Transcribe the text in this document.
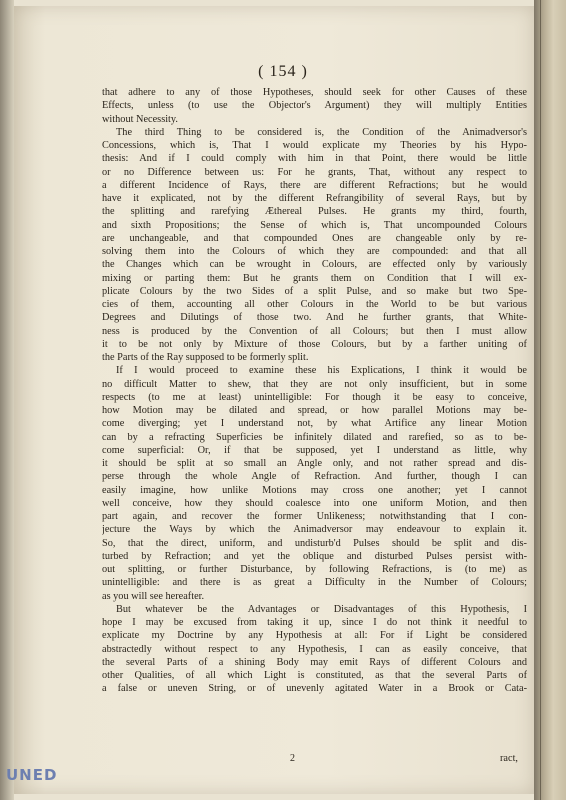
( 154 )
that adhere to any of those Hypotheses, should seek for other Causes of these
Effects, unless (to use the Objector's Argument) they will multiply Entities
without Necessity.
The third Thing to be considered is, the Condition of the Animadversor's
Concessions, which is, That I would explicate my Theories by his Hypo-
thesis: And if I could comply with him in that Point, there would be little
or no Difference between us: For he grants, That, without any respect to
a different Incidence of Rays, there are different Refractions; but he would
have it explicated, not by the different Refrangibility of several Rays, but by
the splitting and rarefying Æthereal Pulses. He grants my third, fourth,
and sixth Propositions; the Sense of which is, That uncompounded Colours
are unchangeable, and that compounded Ones are changeable only by re-
solving them into the Colours of which they are compounded: and that all
the Changes which can be wrought in Colours, are effected only by variously
mixing or parting them: But he grants them on Condition that I will ex-
plicate Colours by the two Sides of a split Pulse, and so make but two Spe-
cies of them, accounting all other Colours in the World to be but various
Degrees and Dilutings of those two. And he further grants, that White-
ness is produced by the Convention of all Colours; but then I must allow
it to be not only by Mixture of those Colours, but by a farther uniting of
the Parts of the Ray supposed to be formerly split.
If I would proceed to examine these his Explications, I think it would be
no difficult Matter to shew, that they are not only insufficient, but in some
respects (to me at least) unintelligible: For though it be easy to conceive,
how Motion may be dilated and spread, or how parallel Motions may be-
come diverging; yet I understand not, by what Artifice any linear Motion
can by a refracting Superficies be infinitely dilated and rarefied, so as to be-
come superficial: Or, if that be supposed, yet I understand as little, why
it should be split at so small an Angle only, and not rather spread and dis-
perse through the whole Angle of Refraction. And further, though I can
easily imagine, how unlike Motions may cross one another; yet I cannot
well conceive, how they should coalesce into one uniform Motion, and then
part again, and recover the former Unlikeness; notwithstanding that I con-
jecture the Ways by which the Animadversor may endeavour to explain it.
So, that the direct, uniform, and undisturb'd Pulses should be split and dis-
turbed by Refraction; and yet the oblique and disturbed Pulses persist with-
out splitting, or further Disturbance, by following Refractions, is (to me) as
unintelligible: and there is as great a Difficulty in the Number of Colours;
as you will see hereafter.
But whatever be the Advantages or Disadvantages of this Hypothesis, I
hope I may be excused from taking it up, since I do not think it needful to
explicate my Doctrine by any Hypothesis at all: For if Light be considered
abstractedly without respect to any Hypothesis, I can as easily conceive, that
the several Parts of a shining Body may emit Rays of different Colours and
other Qualities, of all which Light is constituted, as that the several Parts of
a false or uneven String, or of unevenly agitated Water in a Brook or Cata-
2	ract,
UNED
